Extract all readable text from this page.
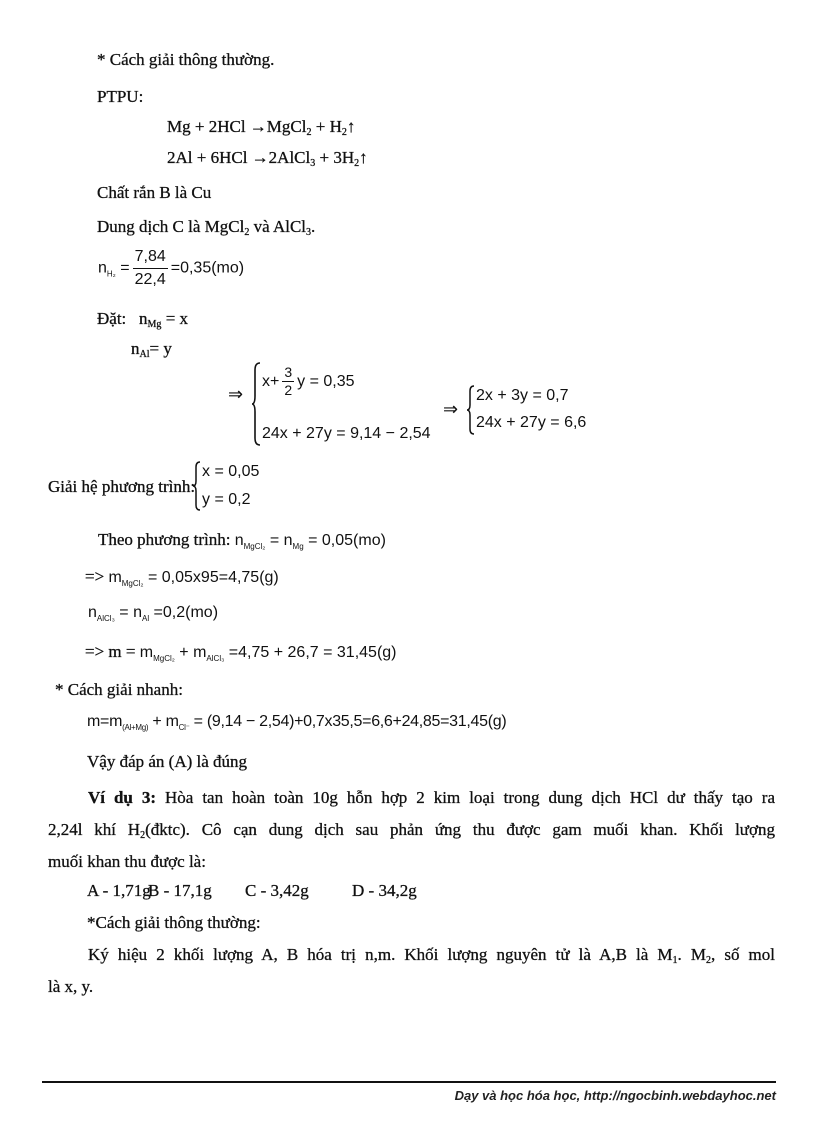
* Cách giải thông thường.
PTPU:
Mg + 2HCl →MgCl$_2$ + $H_2↑$
2Al + 6HCl →2AlCl$_3$ + $3H_2↑$
Chất rắn B là Cu
Dung dịch C là MgCl$_2$ và AlCl$_3$.
$n_{H_2} = \frac{7,84}{22,4} =0,35(mo)$
Đặt: $n_{Mg} = x$
$n_{Al}= y$
⇒
$x+ \frac{3}{2}$ y = 0,35
24x + 27y = 9,14 − 2,54
⇒
2x + 3y = 0,7
24x + 27y = 6,6
Giải hệ phương trình:
x = 0,05
y = 0,2
Theo phương trình: $n_{MgCl_2} = n_{Mg} = 0,05(mo)$
=> $m_{MgCl_2} = 0,05x95=4,75(g)$
$n_{AlCl_3} = n_{Al} =0,2(mo)$
=> $m = m_{MgCl_2} + m_{AlCl_3} =4,75 + 26,7 = 31,45(g)$
* Cách giải nhanh:
$m=m_{(Al+Mg)} + m_{Cl^-} = (9,14 - 2,54)+0,7x35,5=6,6+24,85=31,45(g)$
Vậy đáp án (A) là đúng
Ví dụ 3: Hòa tan hoàn toàn 10g hỗn hợp 2 kim loại trong dung dịch HCl dư thấy tạo ra
2,24l khí $H_2(đktc)$. Cô cạn dung dịch sau phản ứng thu được gam muối khan. Khối lượng
muối khan thu được là:
A - 1,71g
B - 17,1g C - 3,42g	D - 34,2g
*Cách giải thông thường:
Ký hiệu 2 khối lượng A, B hóa trị n,m. Khối lượng nguyên tử là A,B là $M_1$. $M_2$, số mol
là x, y.
Dạy và học hóa học, http://ngocbinh.webdayhoc.net
